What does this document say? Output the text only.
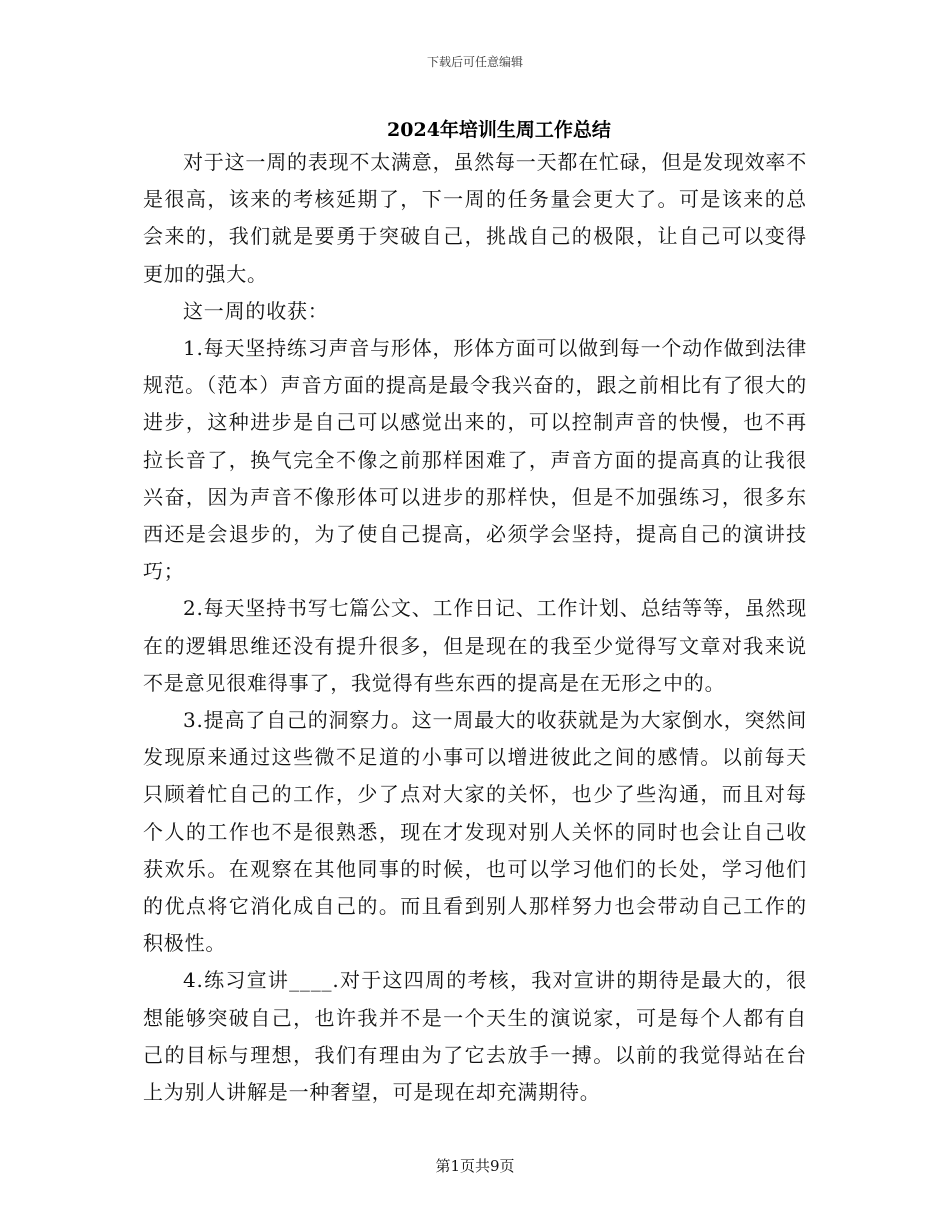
下载后可任意编辑
2024年培训生周工作总结

对于这一周的表现不太满意，虽然每一天都在忙碌，但是发现效率不是很高，该来的考核延期了，下一周的任务量会更大了。可是该来的总会来的，我们就是要勇于突破自己，挑战自己的极限，让自己可以变得更加的强大。

这一周的收获：

1.每天坚持练习声音与形体，形体方面可以做到每一个动作做到法律规范。（范本）声音方面的提高是最令我兴奋的，跟之前相比有了很大的进步，这种进步是自己可以感觉出来的，可以控制声音的快慢，也不再拉长音了，换气完全不像之前那样困难了，声音方面的提高真的让我很兴奋，因为声音不像形体可以进步的那样快，但是不加强练习，很多东西还是会退步的，为了使自己提高，必须学会坚持，提高自己的演讲技巧；

2.每天坚持书写七篇公文、工作日记、工作计划、总结等等，虽然现在的逻辑思维还没有提升很多，但是现在的我至少觉得写文章对我来说不是意见很难得事了，我觉得有些东西的提高是在无形之中的。

3.提高了自己的洞察力。这一周最大的收获就是为大家倒水，突然间发现原来通过这些微不足道的小事可以增进彼此之间的感情。以前每天只顾着忙自己的工作，少了点对大家的关怀，也少了些沟通，而且对每个人的工作也不是很熟悉，现在才发现对别人关怀的同时也会让自己收获欢乐。在观察在其他同事的时候，也可以学习他们的长处，学习他们的优点将它消化成自己的。而且看到别人那样努力也会带动自己工作的积极性。

4.练习宣讲____.对于这四周的考核，我对宣讲的期待是最大的，很想能够突破自己，也许我并不是一个天生的演说家，可是每个人都有自己的目标与理想，我们有理由为了它去放手一搏。以前的我觉得站在台上为别人讲解是一种奢望，可是现在却充满期待。

第1页共9页
